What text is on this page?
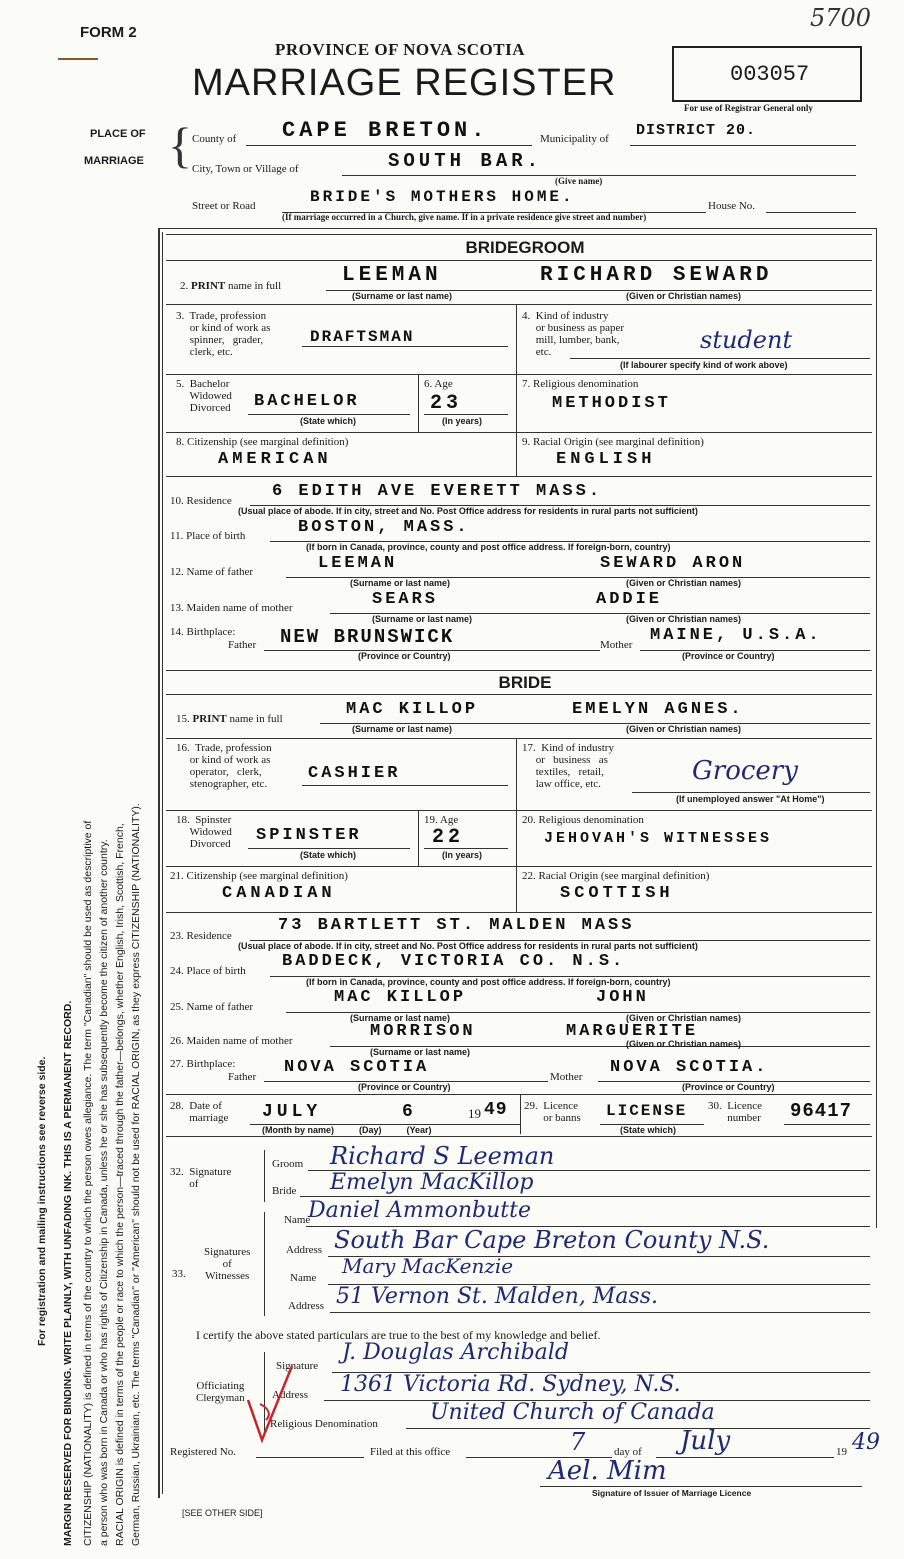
For registration and mailing instructions see reverse side. MARGIN RESERVED FOR BINDING. WRITE PLAINLY, WITH UNFADING INK. THIS IS A PERMANENT RECORD. CITIZENSHIP (NATIONALITY) is defined in terms of the country to which the person owes allegiance. The term "Canadian" should be used as descriptive of a person who was born in Canada or who has rights of Citizenship in Canada, unless he or she has subsequently become the citizen of another country. RACIAL ORIGIN is defined in terms of the people or race to which the person—traced through the father—belongs, whether English, Irish, Scottish, French, German, Russian, Ukrainian, etc. The terms "Canadian" or "American" should not be used for RACIAL ORIGIN, as they express CITIZENSHIP (NATIONALITY).
FORM 2
PROVINCE OF NOVA SCOTIA
MARRIAGE REGISTER	003057
For use of Registrar General only
5700
PLACE OF
MARRIAGE { County of CAPE BRETON.	Municipality of DISTRICT 20.
City, Town or Village of	SOUTH BAR.
(Give name)
Street or Road	BRIDE'S MOTHERS HOME.	House No.
(If marriage occurred in a Church, give name. If in a private residence give street and number)
BRIDEGROOM
2. PRINT name in full	LEEMAN	RICHARD SEWARD
(Surname or last name)	(Given or Christian names)
3.  Trade, profession
or kind of work as
spinner,   grader,
clerk, etc.
DRAFTSMAN
4.  Kind of industry
or business as paper
mill, lumber, bank,
etc.	student
(If labourer specify kind of work above)
5.  Bachelor
Widowed
Divorced BACHELOR
(State which)
6. Age
23
(In years)
7. Religious denomination
METHODIST
8. Citizenship (see marginal definition)
AMERICAN
9. Racial Origin (see marginal definition)
ENGLISH
10. Residence 6 EDITH AVE EVERETT MASS.
(Usual place of abode. If in city, street and No. Post Office address for residents in rural parts not sufficient)
11. Place of birth	BOSTON, MASS.
(If born in Canada, province, county and post office address. If foreign-born, country)
12. Name of father	LEEMAN	SEWARD ARON
(Surname or last name)	(Given or Christian names)
13. Maiden name of mother	SEARS	ADDIE
(Surname or last name)	(Given or Christian names)
14. Birthplace:
Father NEW BRUNSWICK
(Province or Country)
Mother MAINE, U.S.A.
(Province or Country)
BRIDE
15. PRINT name in full	MAC KILLOP	EMELYN AGNES.
(Surname or last name)	(Given or Christian names)
16.  Trade, profession
or kind of work as
operator,   clerk,
stenographer, etc.
CASHIER
17.  Kind of industry
or   business   as
textiles,   retail,
law office, etc.	Grocery
(If unemployed answer "At Home")
18.  Spinster
Widowed
Divorced SPINSTER
(State which)
19. Age
22
(In years)
20. Religious denomination
JEHOVAH'S WITNESSES
21. Citizenship (see marginal definition)
CANADIAN
22. Racial Origin (see marginal definition)
SCOTTISH
23. Residence
73 BARTLETT ST. MALDEN MASS
(Usual place of abode. If in city, street and No. Post Office address for residents in rural parts not sufficient)
24. Place of birth BADDECK, VICTORIA CO. N.S.
(If born in Canada, province, county and post office address. If foreign-born, country)
25. Name of father	MAC KILLOP	JOHN
(Surname or last name)	(Given or Christian names)
26. Maiden name of mother	MORRISON	MARGUERITE
(Surname or last name)
(Given or Christian names)
27. Birthplace:
Father NOVA SCOTIA
(Province or Country)
Mother NOVA SCOTIA.
(Province or Country)
28.  Date of
marriage JULY	6	19 49
(Month by name)          (Day)          (Year)
29.  Licence
or banns LICENSE
(State which)
30.  Licence
number 96417
32.  Signature
of
Groom Richard S Leeman
Bride Emelyn MacKillop
33.
Signatures
of
Witnesses
Name
Daniel Ammonbutte
Address South Bar Cape Breton County N.S.
Name Mary MacKenzie
Address 51 Vernon St. Malden, Mass.
I certify the above stated particulars are true to the best of my knowledge and belief.
Officiating
Clergyman
Signature
J. Douglas Archibald
Address 1361 Victoria Rd. Sydney, N.S.
Religious Denomination United Church of Canada
Registered No.	Filed at this office	7	day of July	19 49
Ael. Mim
Signature of Issuer of Marriage Licence
[SEE OTHER SIDE]
